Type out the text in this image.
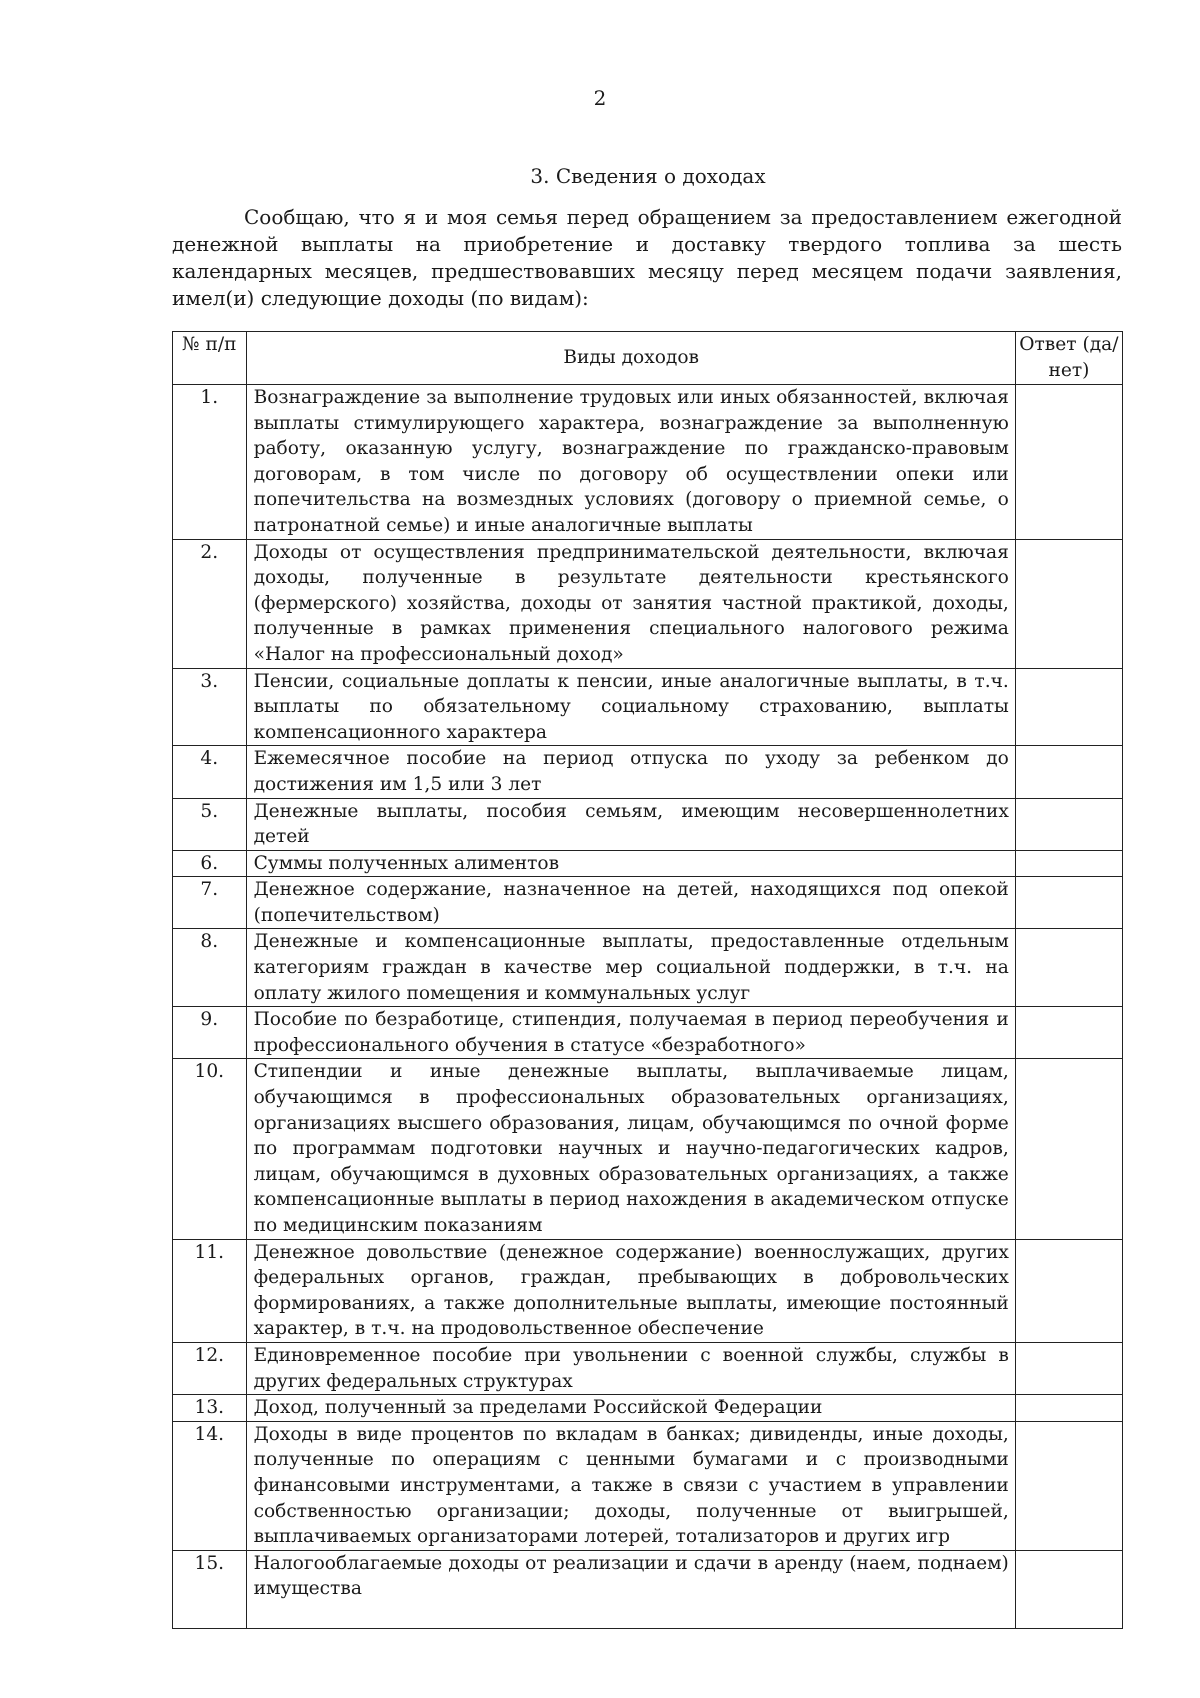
2
3. Сведения о доходах

Сообщаю, что я и моя семья перед обращением за предоставлением ежегодной денежной выплаты на приобретение и доставку твердого топлива за шесть календарных месяцев, предшествовавших месяцу перед месяцем подачи заявления, имел(и) следующие доходы (по видам):

№ п/п	Виды доходов	Ответ (да/нет)
1.	Вознаграждение за выполнение трудовых или иных обязанностей, включая выплаты стимулирующего характера, вознаграждение за выполненную работу, оказанную услугу, вознаграждение по гражданско-правовым договорам, в том числе по договору об осуществлении опеки или попечительства на возмездных условиях (договору о приемной семье, о патронатной семье) и иные аналогичные выплаты	

2.	Доходы от осуществления предпринимательской деятельности, включая доходы, полученные в результате деятельности крестьянского (фермерского) хозяйства, доходы от занятия частной практикой, доходы, полученные в рамках применения специального налогового режима «Налог на профессиональный доход»	

3.	Пенсии, социальные доплаты к пенсии, иные аналогичные выплаты, в т.ч. выплаты по обязательному социальному страхованию, выплаты компенсационного характера	

4.	Ежемесячное пособие на период отпуска по уходу за ребенком до достижения им 1,5 или 3 лет	

5.	Денежные выплаты, пособия семьям, имеющим несовершеннолетних детей	

6.	Суммы полученных алиментов	

7.	Денежное содержание, назначенное на детей, находящихся под опекой (попечительством)	

8.	Денежные и компенсационные выплаты, предоставленные отдельным категориям граждан в качестве мер социальной поддержки, в т.ч. на оплату жилого помещения и коммунальных услуг	

9.	Пособие по безработице, стипендия, получаемая в период переобучения и профессионального обучения в статусе «безработного»	

10.	Стипендии и иные денежные выплаты, выплачиваемые лицам, обучающимся в профессиональных образовательных организациях, организациях высшего образования, лицам, обучающимся по очной форме по программам подготовки научных и научно-педагогических кадров, лицам, обучающимся в духовных образовательных организациях, а также компенсационные выплаты в период нахождения в академическом отпуске по медицинским показаниям	

11.	Денежное довольствие (денежное содержание) военнослужащих, других федеральных органов, граждан, пребывающих в добровольческих формированиях, а также дополнительные выплаты, имеющие постоянный характер, в т.ч. на продовольственное обеспечение	

12.	Единовременное пособие при увольнении с военной службы, службы в других федеральных структурах	

13.	Доход, полученный за пределами Российской Федерации	

14.	Доходы в виде процентов по вкладам в банках; дивиденды, иные доходы, полученные по операциям с ценными бумагами и с производными финансовыми инструментами, а также в связи с участием в управлении собственностью организации; доходы, полученные от выигрышей, выплачиваемых организаторами лотерей, тотализаторов и других игр	

15.	Налогооблагаемые доходы от реализации и сдачи в аренду (наем, поднаем) имущества	
